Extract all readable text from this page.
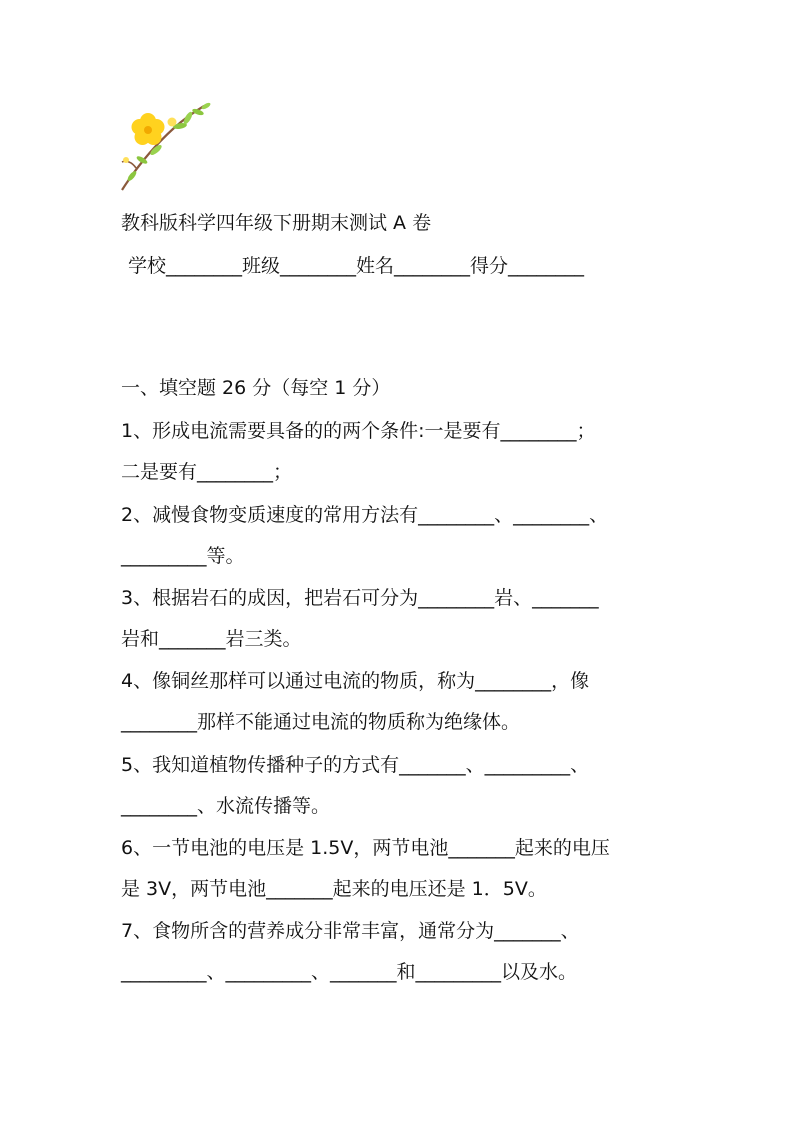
教科版科学四年级下册期末测试 A 卷
学校________班级________姓名________得分________
一、填空题 26 分（每空 1 分）
1、形成电流需要具备的的两个条件:一是要有________；
二是要有________；
2、减慢食物变质速度的常用方法有________、________、
_________等。
3、根据岩石的成因，把岩石可分为________岩、_______
岩和_______岩三类。
4、像铜丝那样可以通过电流的物质，称为________，像
________那样不能通过电流的物质称为绝缘体。
5、我知道植物传播种子的方式有_______、_________、
________、水流传播等。
6、一节电池的电压是 1.5V，两节电池_______起来的电压
是 3V，两节电池_______起来的电压还是 1．5V。
7、食物所含的营养成分非常丰富，通常分为_______、
_________、_________、_______和_________以及水。
